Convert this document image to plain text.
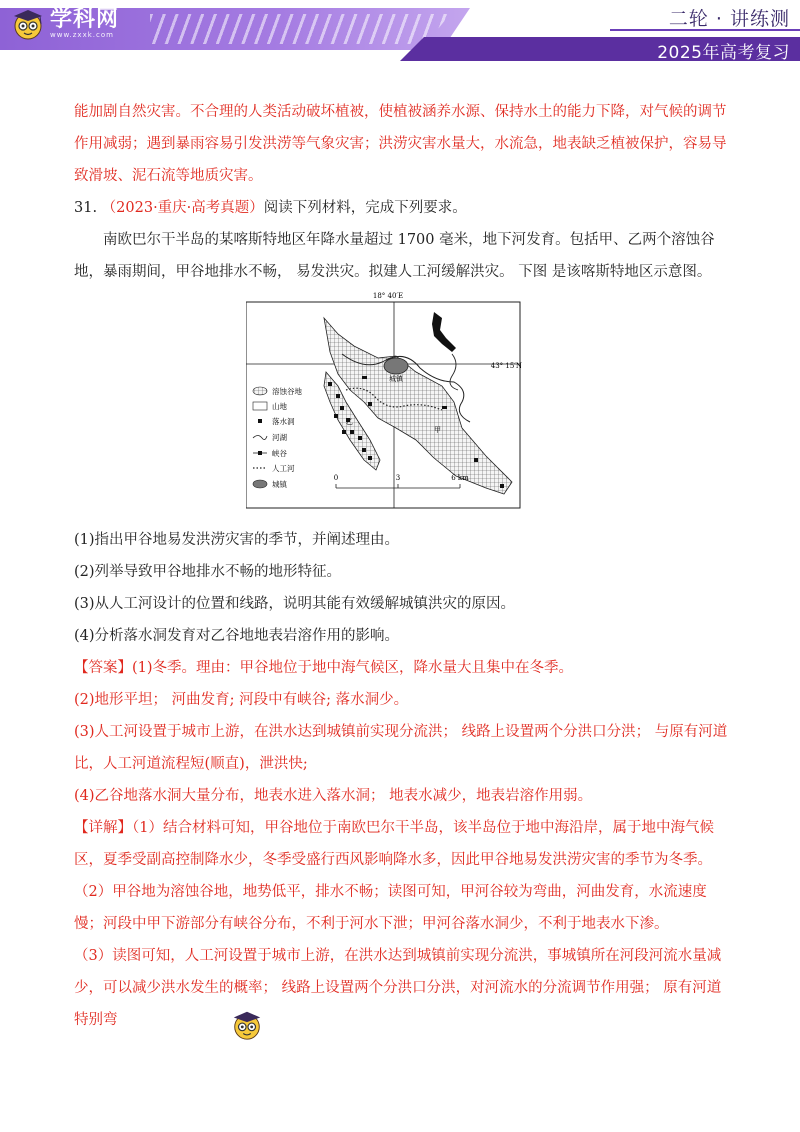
学科网
www.zxxk.com
二轮 · 讲练测
2025年高考复习

能加剧自然灾害。不合理的人类活动破坏植被，使植被涵养水源、保持水土的能力下降，对气候的调节作用减弱；遇到暴雨容易引发洪涝等气象灾害；洪涝灾害水量大，水流急，地表缺乏植被保护，容易导致滑坡、泥石流等地质灾害。

31. （2023·重庆·高考真题）阅读下列材料，完成下列要求。

南欧巴尔干半岛的某喀斯特地区年降水量超过 1700 毫米，地下河发育。包括甲、乙两个溶蚀谷地，暴雨期间，甲谷地排水不畅， 易发洪灾。拟建人工河缓解洪灾。 下图 是该喀斯特地区示意图。

18° 40′E
43° 15′N
城镇
甲
乙
溶蚀谷地
山地
落水洞
河湖
峡谷
人工河
城镇
0	3	6 km

(1)指出甲谷地易发洪涝灾害的季节，并阐述理由。

(2)列举导致甲谷地排水不畅的地形特征。

(3)从人工河设计的位置和线路，说明其能有效缓解城镇洪灾的原因。

(4)分析落水洞发育对乙谷地地表岩溶作用的影响。

【答案】(1)冬季。理由：甲谷地位于地中海气候区，降水量大且集中在冬季。

(2)地形平坦； 河曲发育; 河段中有峡谷; 落水洞少。

(3)人工河设置于城市上游，在洪水达到城镇前实现分流洪； 线路上设置两个分洪口分洪； 与原有河道比，人工河道流程短(顺直)，泄洪快;

(4)乙谷地落水洞大量分布，地表水进入落水洞； 地表水减少，地表岩溶作用弱。

【详解】（1）结合材料可知，甲谷地位于南欧巴尔干半岛，该半岛位于地中海沿岸，属于地中海气候区，夏季受副高控制降水少，冬季受盛行西风影响降水多，因此甲谷地易发洪涝灾害的季节为冬季。

（2）甲谷地为溶蚀谷地，地势低平，排水不畅；读图可知，甲河谷较为弯曲，河曲发育，水流速度慢；河段中甲下游部分有峡谷分布，不利于河水下泄；甲河谷落水洞少，不利于地表水下渗。

（3）读图可知，人工河设置于城市上游，在洪水达到城镇前实现分流洪，事城镇所在河段河流水量减少，可以减少洪水发生的概率； 线路上设置两个分洪口分洪，对河流水的分流调节作用强； 原有河道特别弯
